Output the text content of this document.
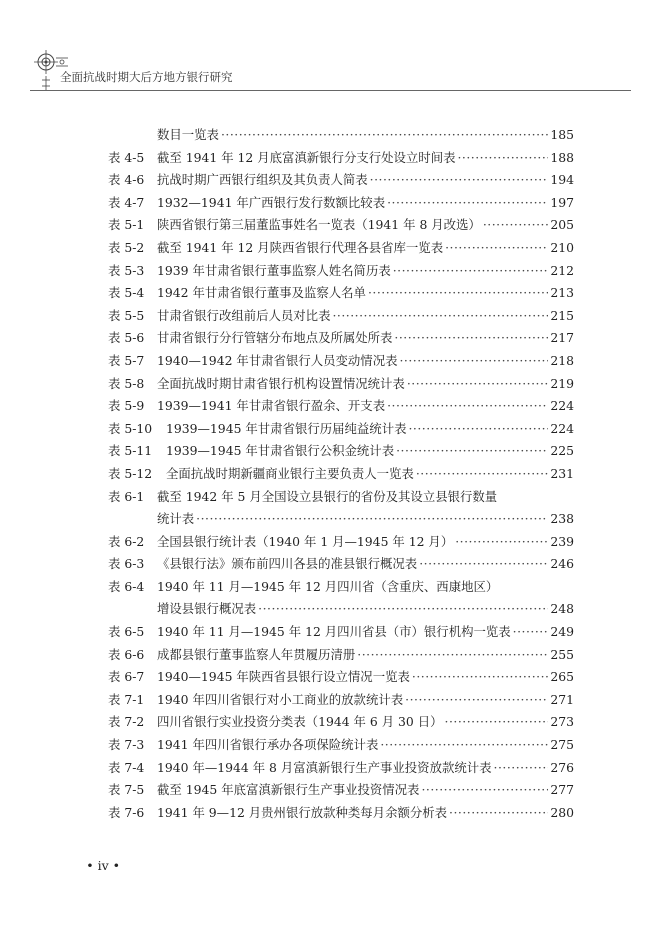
全面抗战时期大后方地方银行研究
数目一览表 ·····	185
表 4-5 截至 1941 年 12 月底富滇新银行分支行处设立时间表 ·····	188
表 4-6 抗战时期广西银行组织及其负责人简表 ·····	194
表 4-7 1932—1941 年广西银行发行数额比较表 ·····	197
表 5-1 陕西省银行第三届董监事姓名一览表（1941 年 8 月改选） ·····	205
表 5-2 截至 1941 年 12 月陕西省银行代理各县省库一览表 ·····	210
表 5-3 1939 年甘肃省银行董事监察人姓名简历表 ·····	212
表 5-4 1942 年甘肃省银行董事及监察人名单 ·····	213
表 5-5 甘肃省银行改组前后人员对比表 ·····	215
表 5-6 甘肃省银行分行管辖分布地点及所属处所表 ·····	217
表 5-7 1940—1942 年甘肃省银行人员变动情况表 ·····	218
表 5-8 全面抗战时期甘肃省银行机构设置情况统计表 ·····	219
表 5-9 1939—1941 年甘肃省银行盈余、开支表 ·····	224
表 5-10 1939—1945 年甘肃省银行历届纯益统计表 ·····	224
表 5-11 1939—1945 年甘肃省银行公积金统计表 ·····	225
表 5-12 全面抗战时期新疆商业银行主要负责人一览表 ·····	231
表 6-1 截至 1942 年 5 月全国设立县银行的省份及其设立县银行数量
统计表 ·····	238
表 6-2 全国县银行统计表（1940 年 1 月—1945 年 12 月） ·····	239
表 6-3 《县银行法》颁布前四川各县的准县银行概况表 ·····	246
表 6-4 1940 年 11 月—1945 年 12 月四川省（含重庆、西康地区）
增设县银行概况表 ·····	248
表 6-5 1940 年 11 月—1945 年 12 月四川省县（市）银行机构一览表 ·····	249
表 6-6 成都县银行董事监察人年贯履历清册 ·····	255
表 6-7 1940—1945 年陕西省县银行设立情况一览表 ·····	265
表 7-1 1940 年四川省银行对小工商业的放款统计表 ·····	271
表 7-2 四川省银行实业投资分类表（1944 年 6 月 30 日） ·····	273
表 7-3 1941 年四川省银行承办各项保险统计表 ·····	275
表 7-4 1940 年—1944 年 8 月富滇新银行生产事业投资放款统计表 ·····	276
表 7-5 截至 1945 年底富滇新银行生产事业投资情况表 ·····	277
表 7-6 1941 年 9—12 月贵州银行放款种类每月余额分析表 ·····	280
• iv •
